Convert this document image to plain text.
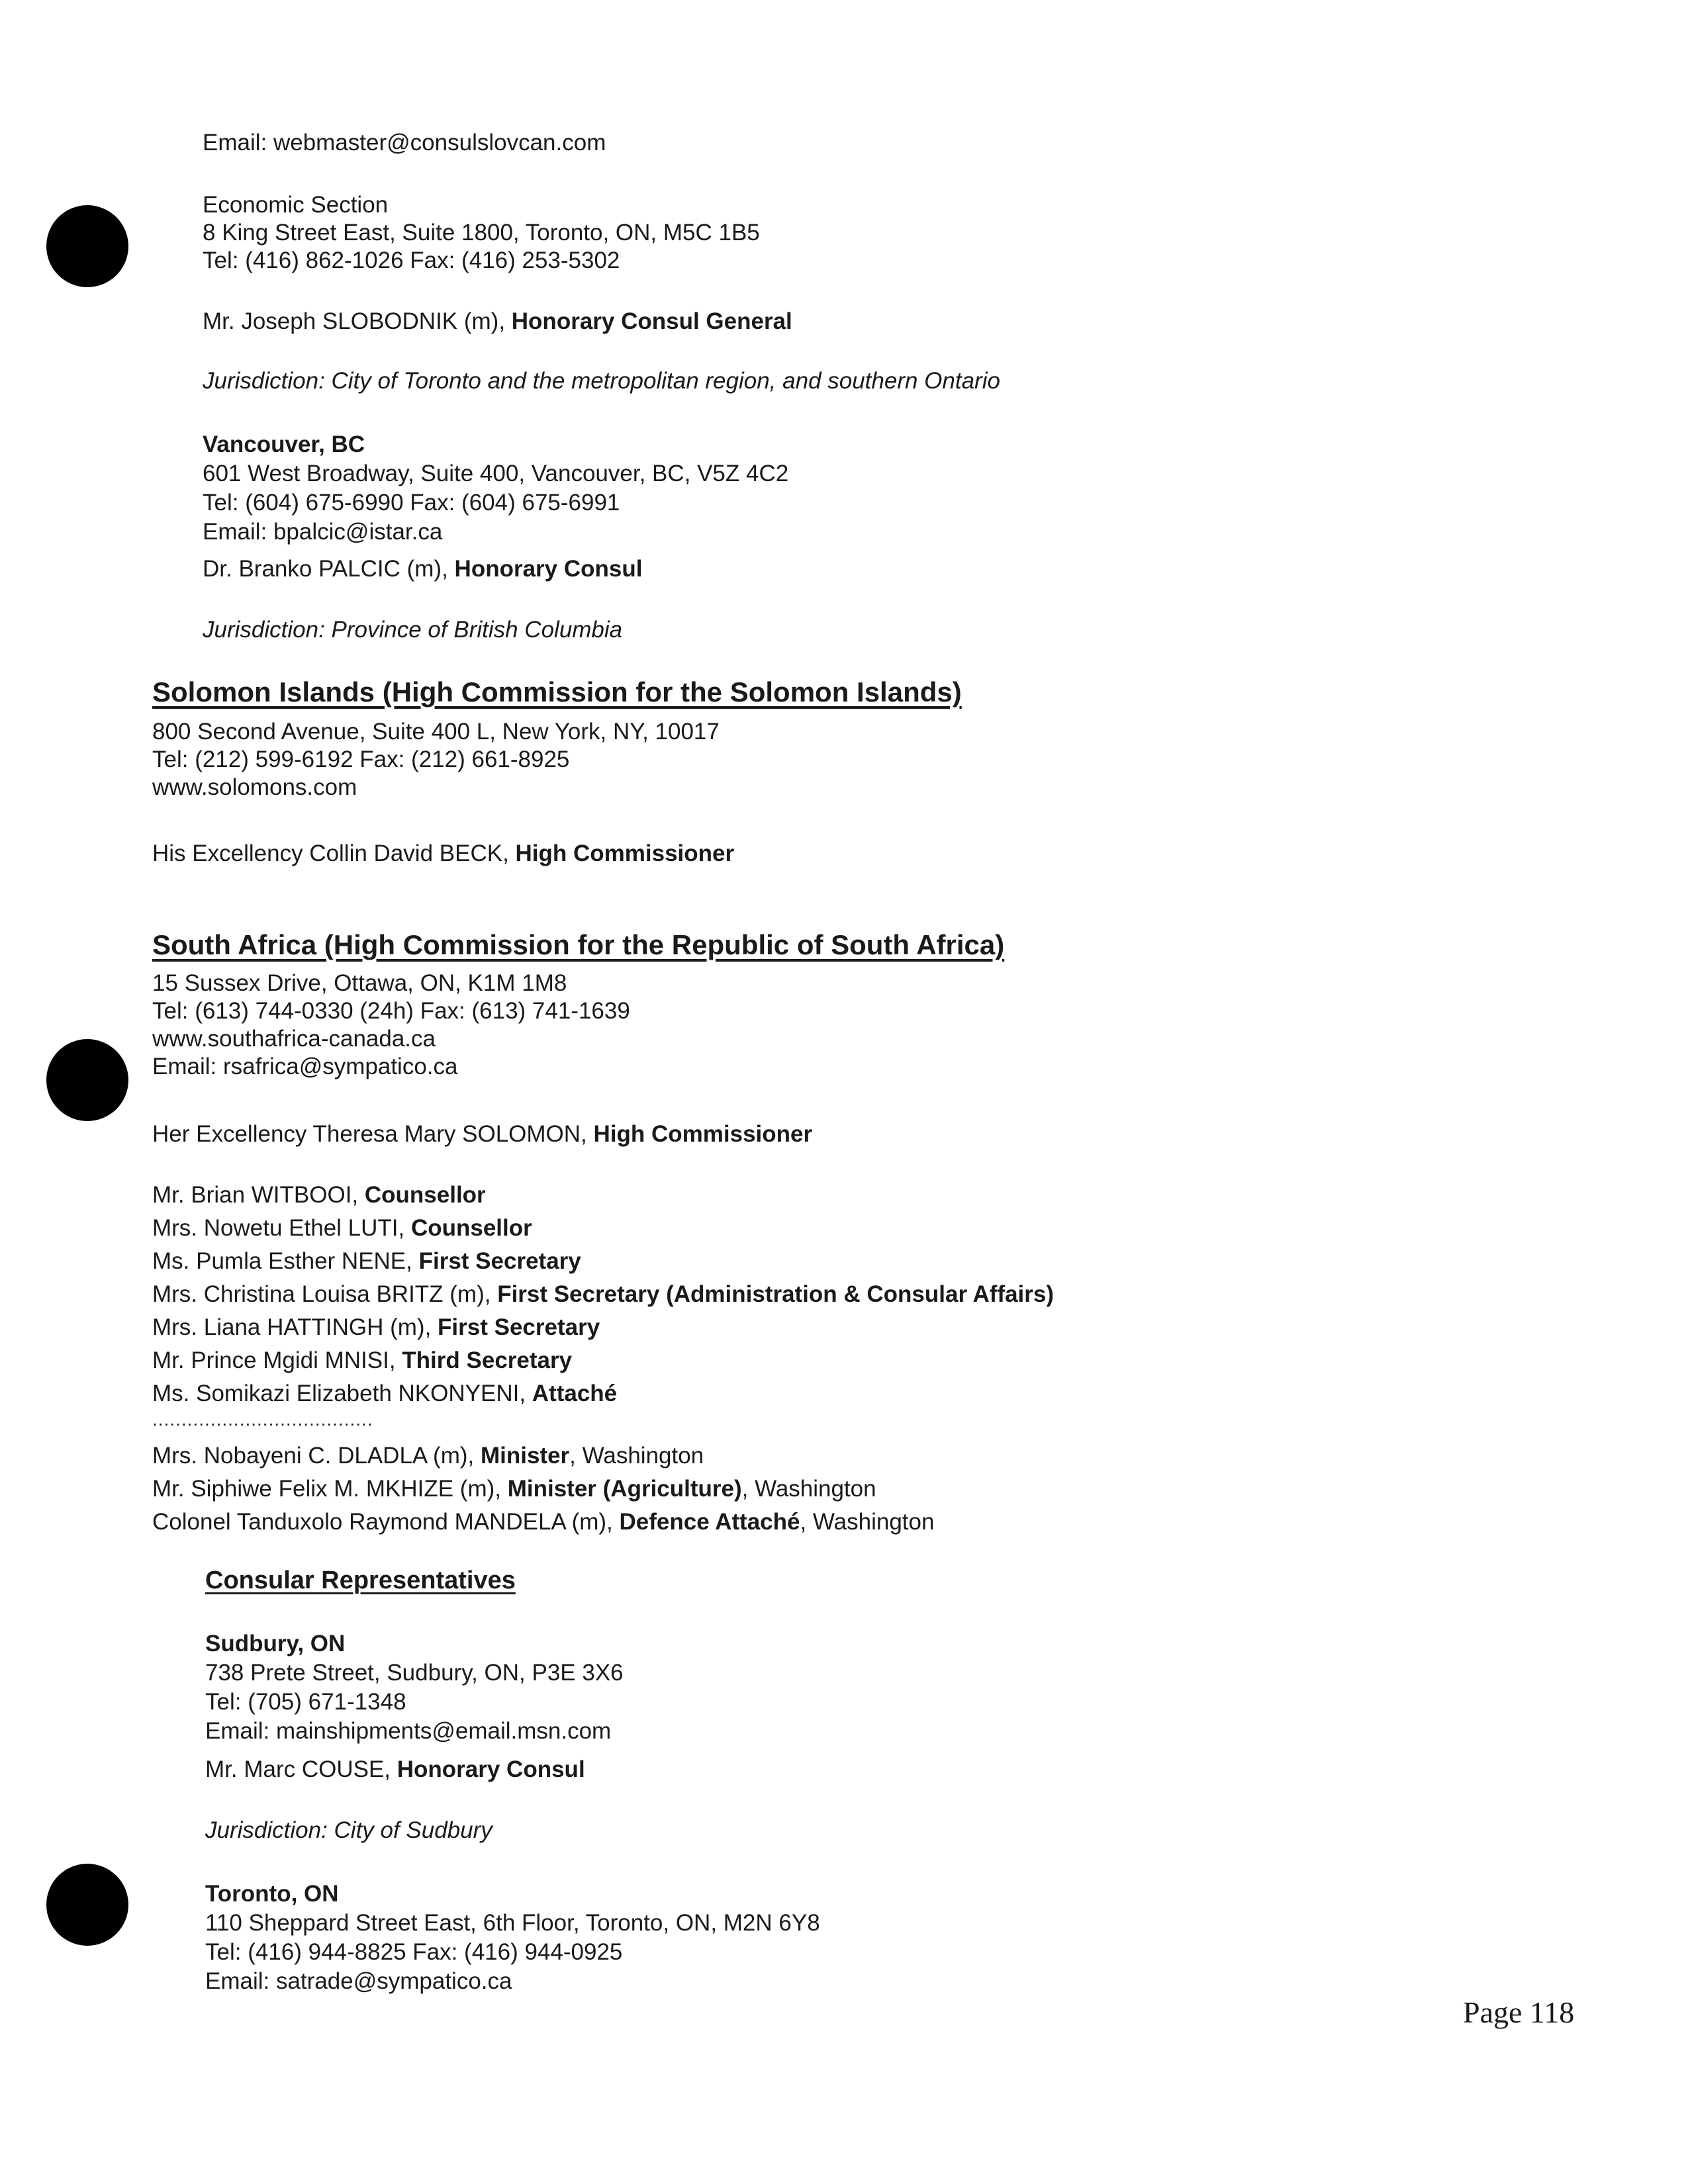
Email: webmaster@consulslovcan.com
Economic Section
8 King Street East, Suite 1800, Toronto, ON, M5C 1B5
Tel: (416) 862-1026 Fax: (416) 253-5302
Mr. Joseph SLOBODNIK (m), Honorary Consul General
Jurisdiction: City of Toronto and the metropolitan region, and southern Ontario
Vancouver, BC
601 West Broadway, Suite 400, Vancouver, BC, V5Z 4C2
Tel: (604) 675-6990 Fax: (604) 675-6991
Email: bpalcic@istar.ca
Dr. Branko PALCIC (m), Honorary Consul
Jurisdiction: Province of British Columbia
Solomon Islands (High Commission for the Solomon Islands)
800 Second Avenue, Suite 400 L, New York, NY, 10017
Tel: (212) 599-6192 Fax: (212) 661-8925
www.solomons.com
His Excellency Collin David BECK, High Commissioner
South Africa (High Commission for the Republic of South Africa)
15 Sussex Drive, Ottawa, ON, K1M 1M8
Tel: (613) 744-0330 (24h) Fax: (613) 741-1639
www.southafrica-canada.ca
Email: rsafrica@sympatico.ca
Her Excellency Theresa Mary SOLOMON, High Commissioner
Mr. Brian WITBOOI, Counsellor
Mrs. Nowetu Ethel LUTI, Counsellor
Ms. Pumla Esther NENE, First Secretary
Mrs. Christina Louisa BRITZ (m), First Secretary (Administration & Consular Affairs)
Mrs. Liana HATTINGH (m), First Secretary
Mr. Prince Mgidi MNISI, Third Secretary
Ms. Somikazi Elizabeth NKONYENI, Attaché
......................................
Mrs. Nobayeni C. DLADLA (m), Minister, Washington
Mr. Siphiwe Felix M. MKHIZE (m), Minister (Agriculture), Washington
Colonel Tanduxolo Raymond MANDELA (m), Defence Attaché, Washington
Consular Representatives
Sudbury, ON
738 Prete Street, Sudbury, ON, P3E 3X6
Tel: (705) 671-1348
Email: mainshipments@email.msn.com
Mr. Marc COUSE, Honorary Consul
Jurisdiction: City of Sudbury
Toronto, ON
110 Sheppard Street East, 6th Floor, Toronto, ON, M2N 6Y8
Tel: (416) 944-8825 Fax: (416) 944-0925
Email: satrade@sympatico.ca
Page 118
